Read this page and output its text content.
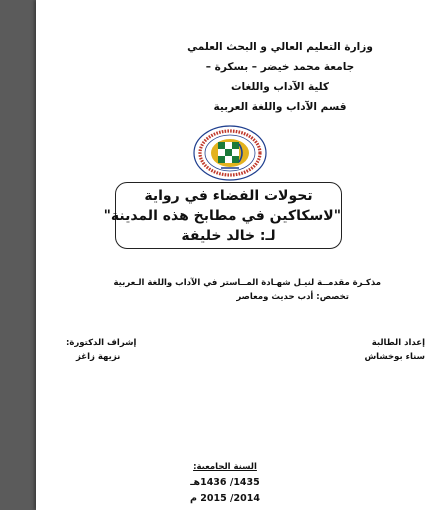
وزارة التعليم العالي و البحث العلمي
جامعة محمد خيضر – بسكرة –
كلية الآداب واللغات
قسم الآداب واللغة العربية
تحولات الفضاء في رواية
"لاسكاكين في مطابخ هذه المدينة"
لـ: خالد خليفة
مذكـرة مقدمــة لنيـل شهـادة المــاستر في الآداب واللغة الـعربية
تخصص: أدب حديث ومعاصر
إعداد الطالبة
سناء بوخشاش
إشراف الدكتورة:
نزيهة زاغز
السنة الجامعية:
1435/ 1436هـ
2014/ 2015 م
